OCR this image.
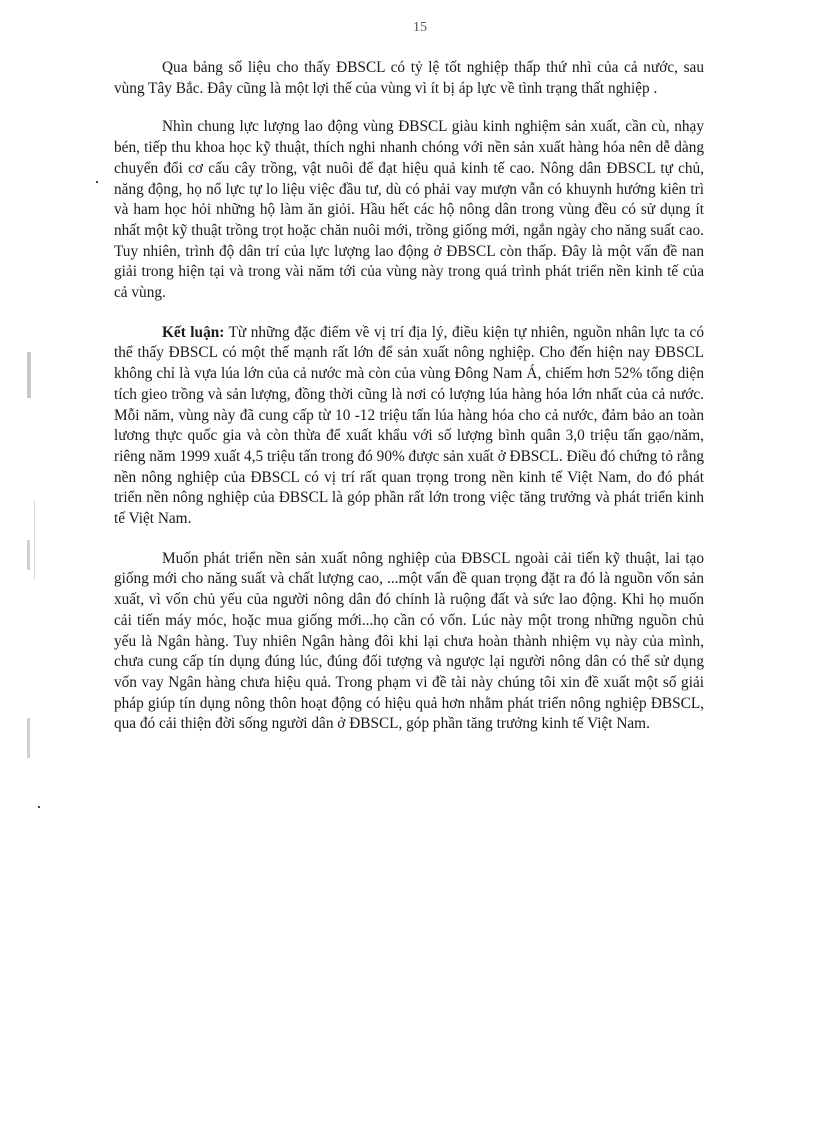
15

Qua bảng số liệu cho thấy ĐBSCL có tỷ lệ tốt nghiệp thấp thứ nhì của cả nước, sau vùng Tây Bắc. Đây cũng là một lợi thế của vùng vì ít bị áp lực về tình trạng thất nghiệp .

Nhìn chung lực lượng lao động vùng ĐBSCL giàu kinh nghiệm sản xuất, cần cù, nhạy bén, tiếp thu khoa học kỹ thuật, thích nghi nhanh chóng với nền sản xuất hàng hóa nên dễ dàng chuyển đổi cơ cấu cây trồng, vật nuôi để đạt hiệu quả kinh tế cao. Nông dân ĐBSCL tự chủ, năng động, họ nổ lực tự lo liệu việc đầu tư, dù có phải vay mượn vẫn có khuynh hướng kiên trì và ham học hỏi những hộ làm ăn giỏi. Hầu hết các hộ nông dân trong vùng đều có sử dụng ít nhất một kỹ thuật trồng trọt hoặc chăn nuôi mới, trồng giống mới, ngắn ngày cho năng suất cao. Tuy nhiên, trình độ dân trí của lực lượng lao động ở ĐBSCL còn thấp. Đây là một vấn đề nan giải trong hiện tại và trong vài năm tới của vùng này trong quá trình phát triển nền kinh tế của cả vùng.

Kết luận: Từ những đặc điểm về vị trí địa lý, điều kiện tự nhiên, nguồn nhân lực ta có thể thấy ĐBSCL có một thế mạnh rất lớn để sản xuất nông nghiệp. Cho đến hiện nay ĐBSCL không chỉ là vựa lúa lớn của cả nước mà còn của vùng Đông Nam Á, chiếm hơn 52% tổng diện tích gieo trồng và sản lượng, đồng thời cũng là nơi có lượng lúa hàng hóa lớn nhất của cả nước. Mỗi năm, vùng này đã cung cấp từ 10 -12 triệu tấn lúa hàng hóa cho cả nước, đảm bảo an toàn lương thực quốc gia và còn thừa để xuất khẩu với số lượng bình quân 3,0 triệu tấn gạo/năm, riêng năm 1999 xuất 4,5 triệu tấn trong đó 90% được sản xuất ở ĐBSCL. Điều đó chứng tỏ rằng nền nông nghiệp của ĐBSCL có vị trí rất quan trọng trong nền kinh tế Việt Nam, do đó phát triển nền nông nghiệp của ĐBSCL là góp phần rất lớn trong việc tăng trưởng và phát triển kinh tế Việt Nam.

Muốn phát triển nền sản xuất nông nghiệp của ĐBSCL ngoài cải tiến kỹ thuật, lai tạo giống mới cho năng suất và chất lượng cao, ...một vấn đề quan trọng đặt ra đó là nguồn vốn sản xuất, vì vốn chủ yếu của người nông dân đó chính là ruộng đất và sức lao động. Khi họ muốn cải tiến máy móc, hoặc mua giống mới...họ cần có vốn. Lúc này một trong những nguồn chủ yếu là Ngân hàng. Tuy nhiên Ngân hàng đôi khi lại chưa hoàn thành nhiệm vụ này của mình, chưa cung cấp tín dụng đúng lúc, đúng đối tượng và ngược lại người nông dân có thể sử dụng vốn vay Ngân hàng chưa hiệu quả. Trong phạm vi đề tài này chúng tôi xin đề xuất một số giải pháp giúp tín dụng nông thôn hoạt động có hiệu quả hơn nhằm phát triển nông nghiệp ĐBSCL, qua đó cải thiện đời sống người dân ở ĐBSCL, góp phần tăng trưởng kinh tế Việt Nam.
